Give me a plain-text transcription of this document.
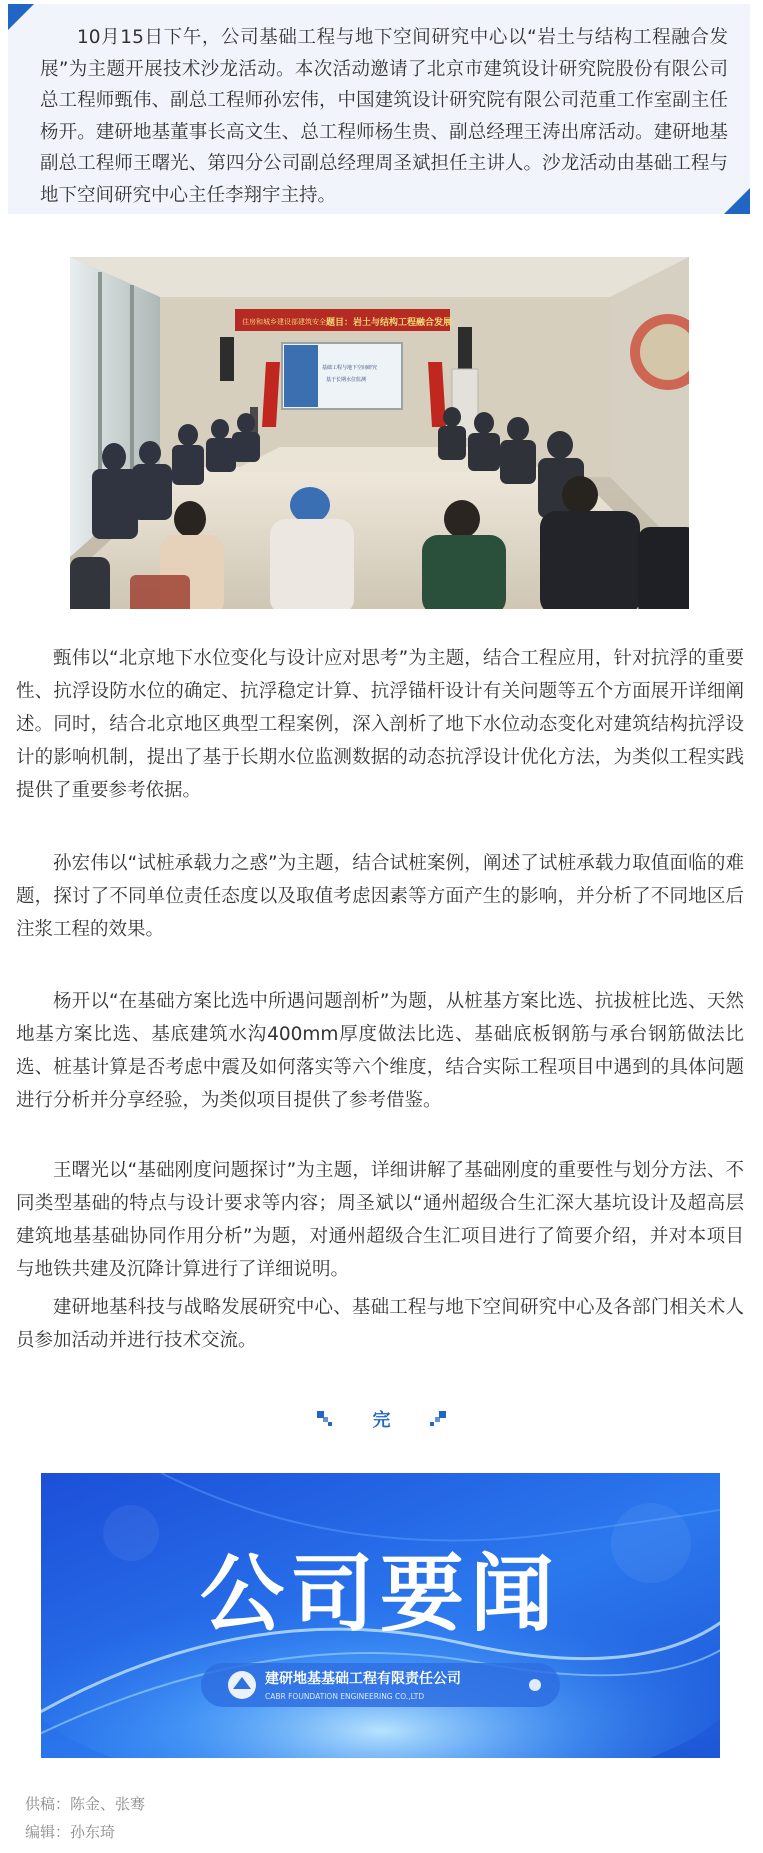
10月15日下午，公司基础工程与地下空间研究中心以“岩土与结构工程融合发展”为主题开展技术沙龙活动。本次活动邀请了北京市建筑设计研究院股份有限公司总工程师甄伟、副总工程师孙宏伟，中国建筑设计研究院有限公司范重工作室副主任杨开。建研地基董事长高文生、总工程师杨生贵、副总经理王涛出席活动。建研地基副总工程师王曙光、第四分公司副总经理周圣斌担任主讲人。沙龙活动由基础工程与地下空间研究中心主任李翔宇主持。

住房和城乡建设部建筑安全 题目：岩土与结构工程融合发展
基础工程与地下空间研究
基于长期水位监测

甄伟以“北京地下水位变化与设计应对思考”为主题，结合工程应用，针对抗浮的重要性、抗浮设防水位的确定、抗浮稳定计算、抗浮锚杆设计有关问题等五个方面展开详细阐述。同时，结合北京地区典型工程案例，深入剖析了地下水位动态变化对建筑结构抗浮设计的影响机制，提出了基于长期水位监测数据的动态抗浮设计优化方法，为类似工程实践提供了重要参考依据。

孙宏伟以“试桩承载力之惑”为主题，结合试桩案例，阐述了试桩承载力取值面临的难题，探讨了不同单位责任态度以及取值考虑因素等方面产生的影响，并分析了不同地区后注浆工程的效果。

杨开以“在基础方案比选中所遇问题剖析”为题，从桩基方案比选、抗拔桩比选、天然地基方案比选、基底建筑水沟400mm厚度做法比选、基础底板钢筋与承台钢筋做法比选、桩基计算是否考虑中震及如何落实等六个维度，结合实际工程项目中遇到的具体问题进行分析并分享经验，为类似项目提供了参考借鉴。

王曙光以“基础刚度问题探讨”为主题，详细讲解了基础刚度的重要性与划分方法、不同类型基础的特点与设计要求等内容；周圣斌以“通州超级合生汇深大基坑设计及超高层建筑地基基础协同作用分析”为题，对通州超级合生汇项目进行了简要介绍，并对本项目与地铁共建及沉降计算进行了详细说明。

建研地基科技与战略发展研究中心、基础工程与地下空间研究中心及各部门相关术人员参加活动并进行技术交流。

完
公司要闻
建研地基基础工程有限责任公司
CABR FOUNDATION ENGINEERING CO.,LTD
供稿：陈金、张骞
编辑：孙东琦
